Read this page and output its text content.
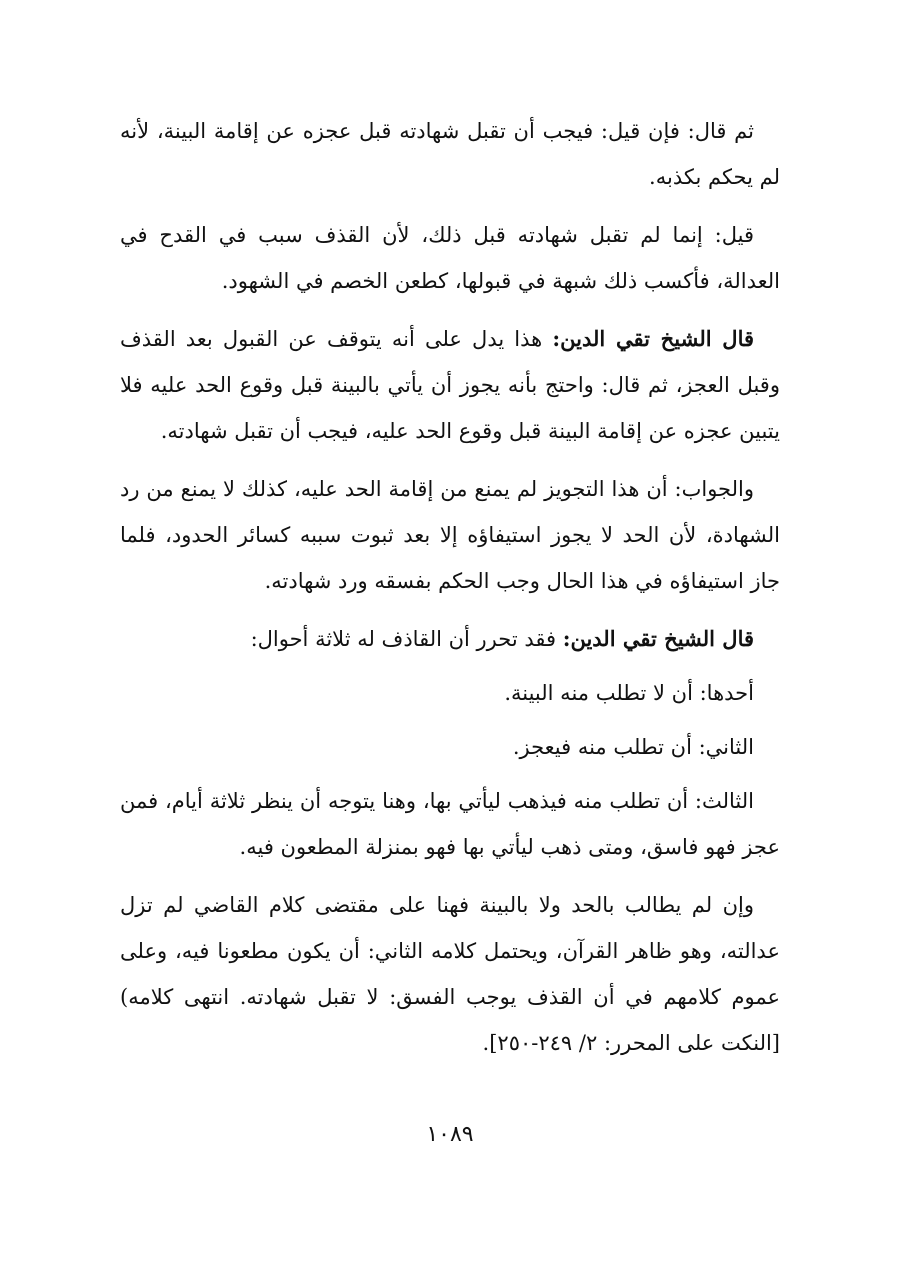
ثم قال: فإن قيل: فيجب أن تقبل شهادته قبل عجزه عن إقامة البينة، لأنه لم يحكم بكذبه.

قيل: إنما لم تقبل شهادته قبل ذلك، لأن القذف سبب في القدح في العدالة، فأكسب ذلك شبهة في قبولها، كطعن الخصم في الشهود.

قال الشيخ تقي الدين: هذا يدل على أنه يتوقف عن القبول بعد القذف وقبل العجز، ثم قال: واحتج بأنه يجوز أن يأتي بالبينة قبل وقوع الحد عليه فلا يتبين عجزه عن إقامة البينة قبل وقوع الحد عليه، فيجب أن تقبل شهادته.

والجواب: أن هذا التجويز لم يمنع من إقامة الحد عليه، كذلك لا يمنع من رد الشهادة، لأن الحد لا يجوز استيفاؤه إلا بعد ثبوت سببه كسائر الحدود، فلما جاز استيفاؤه في هذا الحال وجب الحكم بفسقه ورد شهادته.

قال الشيخ تقي الدين: فقد تحرر أن القاذف له ثلاثة أحوال:

أحدها: أن لا تطلب منه البينة.

الثاني: أن تطلب منه فيعجز.

الثالث: أن تطلب منه فيذهب ليأتي بها، وهنا يتوجه أن ينظر ثلاثة أيام، فمن عجز فهو فاسق، ومتى ذهب ليأتي بها فهو بمنزلة المطعون فيه.

وإن لم يطالب بالحد ولا بالبينة فهنا على مقتضى كلام القاضي لم تزل عدالته، وهو ظاهر القرآن، ويحتمل كلامه الثاني: أن يكون مطعونا فيه، وعلى عموم كلامهم في أن القذف يوجب الفسق: لا تقبل شهادته. انتهى كلامه) [النكت على المحرر: ٢/ ٢٤٩-٢٥٠].

١٠٨٩
